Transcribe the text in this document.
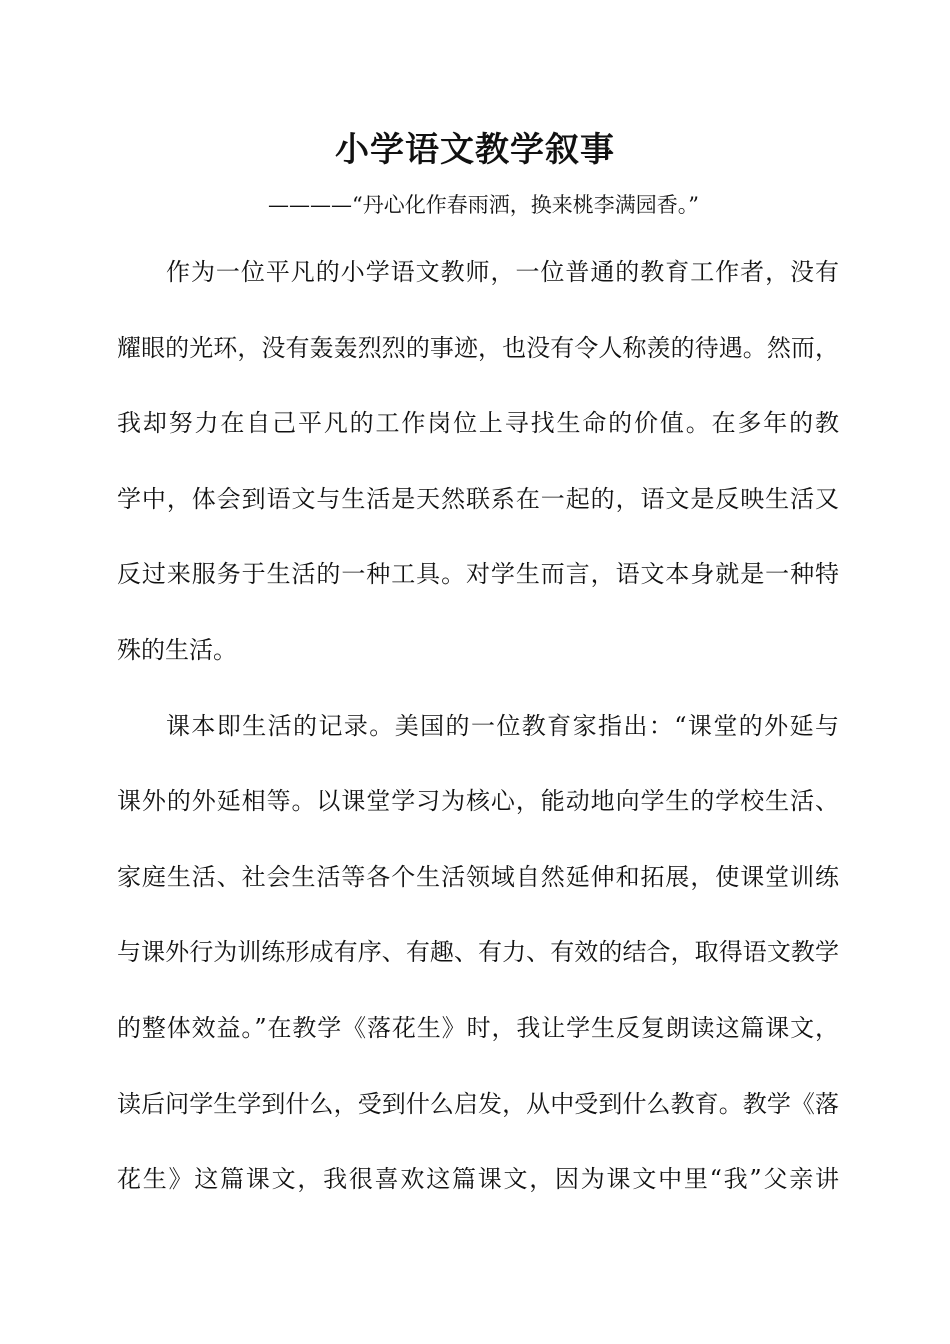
小学语文教学叙事

————“丹心化作春雨洒，换来桃李满园香。”

作为一位平凡的小学语文教师，一位普通的教育工作者，没有
耀眼的光环，没有轰轰烈烈的事迹，也没有令人称羡的待遇。然而，
我却努力在自己平凡的工作岗位上寻找生命的价值。在多年的教
学中，体会到语文与生活是天然联系在一起的，语文是反映生活又
反过来服务于生活的一种工具。对学生而言，语文本身就是一种特
殊的生活。
课本即生活的记录。美国的一位教育家指出：“课堂的外延与
课外的外延相等。以课堂学习为核心，能动地向学生的学校生活、
家庭生活、社会生活等各个生活领域自然延伸和拓展，使课堂训练
与课外行为训练形成有序、有趣、有力、有效的结合，取得语文教学
的整体效益。”在教学《落花生》时，我让学生反复朗读这篇课文，
读后问学生学到什么，受到什么启发，从中受到什么教育。教学《落
花生》这篇课文，我很喜欢这篇课文，因为课文中里“我”父亲讲
